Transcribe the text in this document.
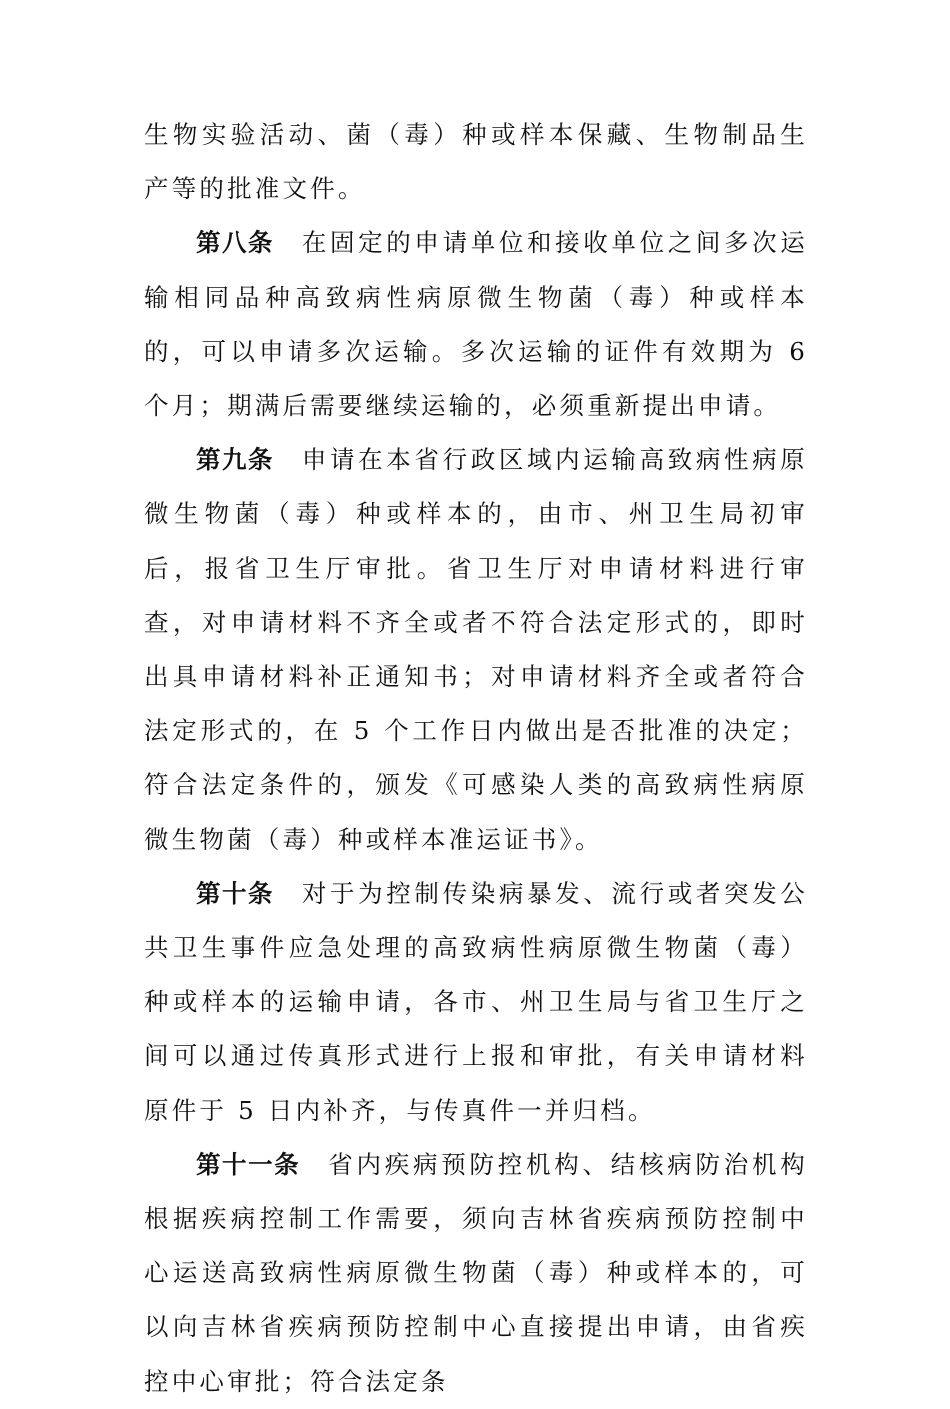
生物实验活动、菌（毒）种或样本保藏、生物制品生产等的批准文件。

第八条 在固定的申请单位和接收单位之间多次运输相同品种高致病性病原微生物菌（毒）种或样本的，可以申请多次运输。多次运输的证件有效期为 6 个月；期满后需要继续运输的，必须重新提出申请。

第九条 申请在本省行政区域内运输高致病性病原微生物菌（毒）种或样本的，由市、州卫生局初审后，报省卫生厅审批。省卫生厅对申请材料进行审查，对申请材料不齐全或者不符合法定形式的，即时出具申请材料补正通知书；对申请材料齐全或者符合法定形式的，在 5 个工作日内做出是否批准的决定；符合法定条件的，颁发《可感染人类的高致病性病原微生物菌（毒）种或样本准运证书》。

第十条 对于为控制传染病暴发、流行或者突发公共卫生事件应急处理的高致病性病原微生物菌（毒）种或样本的运输申请，各市、州卫生局与省卫生厅之间可以通过传真形式进行上报和审批，有关申请材料原件于 5 日内补齐，与传真件一并归档。

第十一条 省内疾病预防控机构、结核病防治机构根据疾病控制工作需要，须向吉林省疾病预防控制中心运送高致病性病原微生物菌（毒）种或样本的，可以向吉林省疾病预防控制中心直接提出申请，由省疾控中心审批；符合法定条
